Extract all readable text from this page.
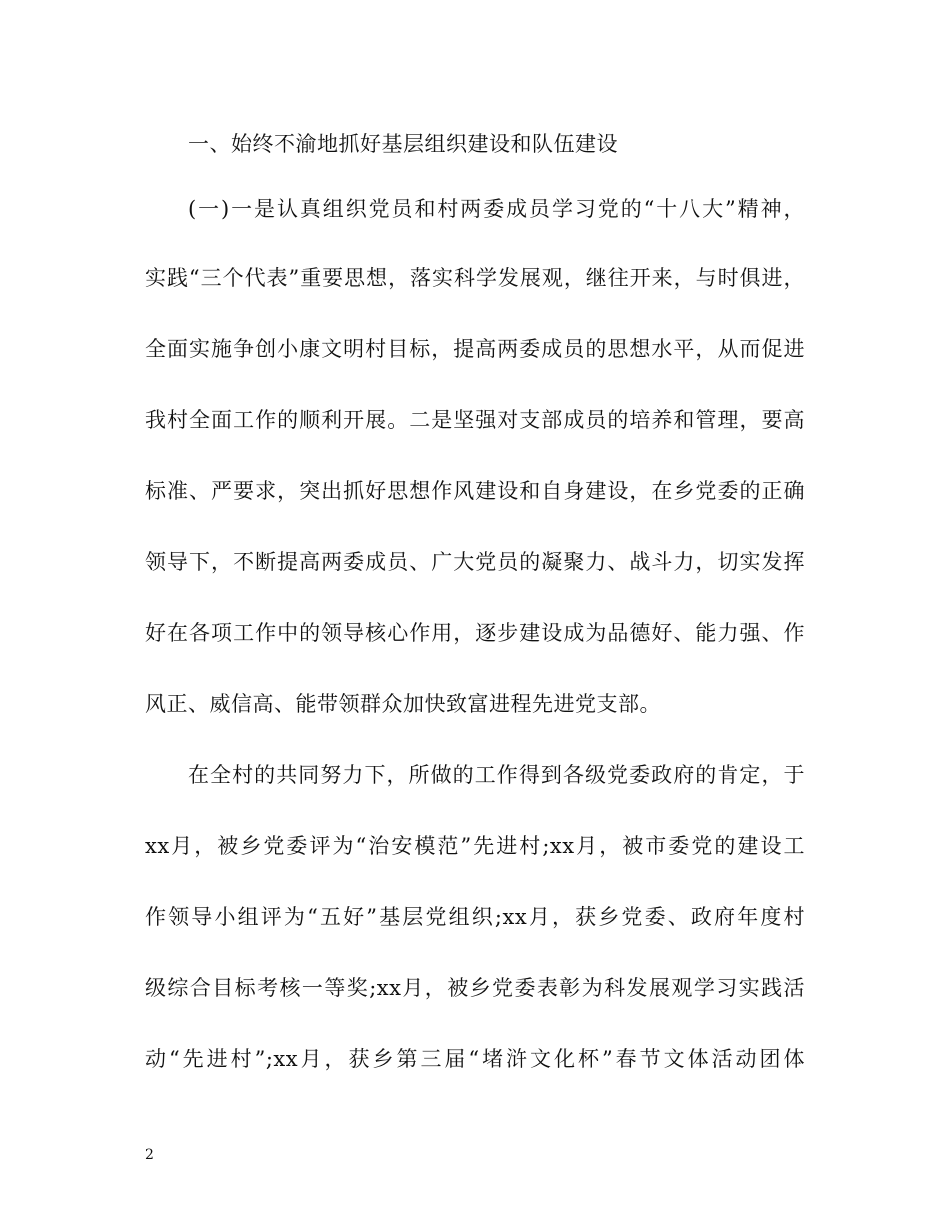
一、始终不渝地抓好基层组织建设和队伍建设
(一)一是认真组织党员和村两委成员学习党的“十八大”精神，
实践“三个代表”重要思想，落实科学发展观，继往开来，与时俱进，
全面实施争创小康文明村目标，提高两委成员的思想水平，从而促进
我村全面工作的顺利开展。二是坚强对支部成员的培养和管理，要高
标准、严要求，突出抓好思想作风建设和自身建设，在乡党委的正确
领导下，不断提高两委成员、广大党员的凝聚力、战斗力，切实发挥
好在各项工作中的领导核心作用，逐步建设成为品德好、能力强、作
风正、威信高、能带领群众加快致富进程先进党支部。
在全村的共同努力下，所做的工作得到各级党委政府的肯定，于
xx月，被乡党委评为“治安模范”先进村;xx月，被市委党的建设工
作领导小组评为“五好”基层党组织;xx月，获乡党委、政府年度村
级综合目标考核一等奖;xx月，被乡党委表彰为科发展观学习实践活
动“先进村”;xx月，获乡第三届“堵浒文化杯”春节文体活动团体
2
